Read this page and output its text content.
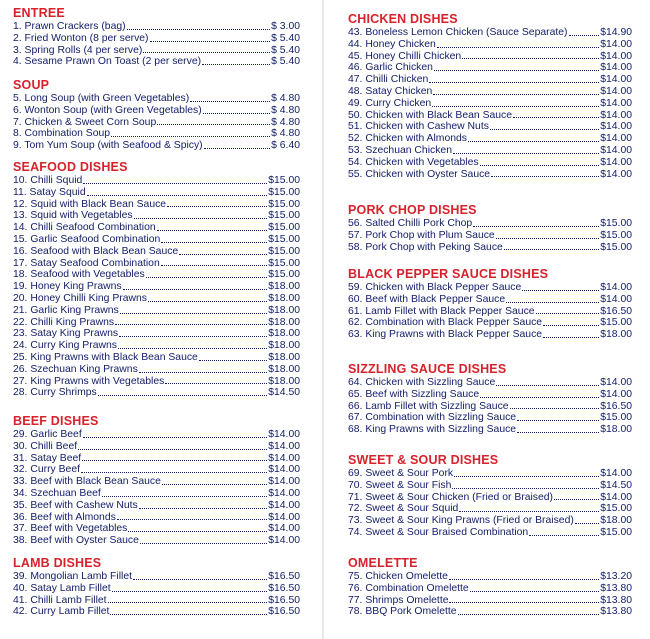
ENTREE
1. Prawn Crackers (bag)	$ 3.00
2. Fried Wonton (8 per serve)	$ 5.40
3. Spring Rolls (4 per serve)	$ 5.40
4. Sesame Prawn On Toast (2 per serve)	$ 5.40
SOUP
5. Long Soup (with Green Vegetables)	$ 4.80
6. Wonton Soup (with Green Vegetables)	$ 4.80
7. Chicken & Sweet Corn Soup	$ 4.80
8. Combination Soup	$ 4.80
9. Tom Yum Soup (with Seafood & Spicy)	$ 6.40
SEAFOOD DISHES
10. Chilli Squid	$15.00
11. Satay Squid	$15.00
12. Squid with Black Bean Sauce	$15.00
13. Squid with Vegetables	$15.00
14. Chilli Seafood Combination	$15.00
15. Garlic Seafood Combination	$15.00
16. Seafood with Black Bean Sauce	$15.00
17. Satay Seafood Combination	$15.00
18. Seafood with Vegetables	$15.00
19. Honey King Prawns	$18.00
20. Honey Chilli King Prawns	$18.00
21. Garlic King Prawns	$18.00
22. Chilli King Prawns	$18.00
23. Satay King Prawns	$18.00
24. Curry King Prawns	$18.00
25. King Prawns with Black Bean Sauce	$18.00
26. Szechuan King Prawns	$18.00
27. King Prawns with Vegetables	$18.00
28. Curry Shrimps	$14.50
BEEF DISHES
29. Garlic Beef	$14.00
30. Chilli Beef	$14.00
31. Satay Beef	$14.00
32. Curry Beef	$14.00
33. Beef with Black Bean Sauce	$14.00
34. Szechuan Beef	$14.00
35. Beef with Cashew Nuts	$14.00
36. Beef with Almonds	$14.00
37. Beef with Vegetables	$14.00
38. Beef with Oyster Sauce	$14.00
LAMB DISHES
39. Mongolian Lamb Fillet	$16.50
40. Satay Lamb Fillet	$16.50
41. Chilli Lamb Fillet	$16.50
42. Curry Lamb Fillet	$16.50
CHICKEN DISHES
43. Boneless Lemon Chicken (Sauce Separate)	$14.90
44. Honey Chicken	$14.00
45. Honey Chilli Chicken	$14.00
46. Garlic Chicken	$14.00
47. Chilli Chicken	$14.00
48. Satay Chicken	$14.00
49. Curry Chicken	$14.00
50. Chicken with Black Bean Sauce	$14.00
51. Chicken with Cashew Nuts	$14.00
52. Chicken with Almonds	$14.00
53. Szechuan Chicken	$14.00
54. Chicken with Vegetables	$14.00
55. Chicken with Oyster Sauce	$14.00
PORK CHOP DISHES
56. Salted Chilli Pork Chop	$15.00
57. Pork Chop with Plum Sauce	$15.00
58. Pork Chop with Peking Sauce	$15.00
BLACK PEPPER SAUCE DISHES
59. Chicken with Black Pepper Sauce	$14.00
60. Beef with Black Pepper Sauce	$14.00
61. Lamb Fillet with Black Pepper Sauce	$16.50
62. Combination with Black Pepper Sauce	$15.00
63. King Prawns with Black Pepper Sauce	$18.00
SIZZLING SAUCE DISHES
64. Chicken with Sizzling Sauce	$14.00
65. Beef with Sizzling Sauce	$14.00
66. Lamb Fillet with Sizzling Sauce	$16.50
67. Combination with Sizzling Sauce	$15.00
68. King Prawns with Sizzling Sauce	$18.00
SWEET & SOUR DISHES
69. Sweet & Sour Pork	$14.00
70. Sweet & Sour Fish	$14.50
71. Sweet & Sour Chicken (Fried or Braised)	$14.00
72. Sweet & Sour Squid	$15.00
73. Sweet & Sour King Prawns (Fried or Braised)	$18.00
74. Sweet & Sour Braised Combination	$15.00
OMELETTE
75. Chicken Omelette	$13.20
76. Combination Omelette	$13.80
77. Shrimps Omelette	$13.80
78. BBQ Pork Omelette	$13.80
